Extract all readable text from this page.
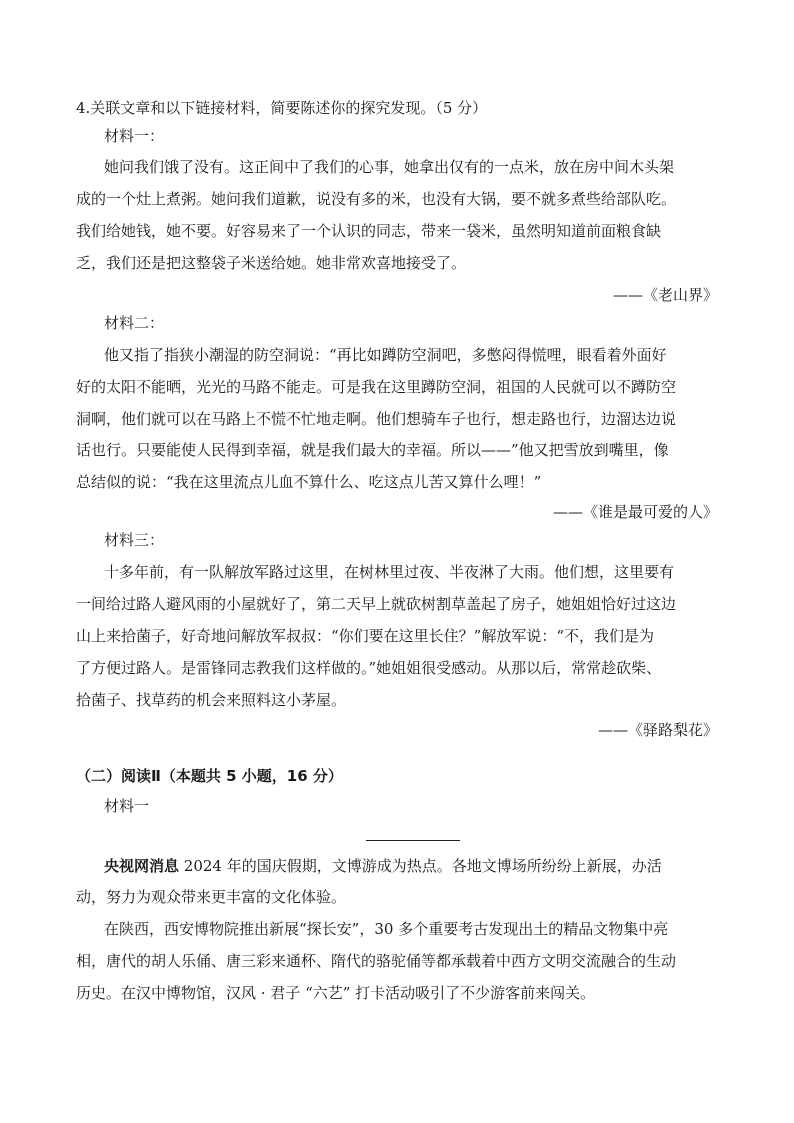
4.关联文章和以下链接材料，简要陈述你的探究发现。（5 分）
材料一：
她问我们饿了没有。这正间中了我们的心事，她拿出仅有的一点米，放在房中间木头架
成的一个灶上煮粥。她问我们道歉，说没有多的米，也没有大锅，要不就多煮些给部队吃。
我们给她钱，她不要。好容易来了一个认识的同志，带来一袋米，虽然明知道前面粮食缺
乏，我们还是把这整袋子米送给她。她非常欢喜地接受了。
——《老山界》
材料二：
他又指了指狭小潮湿的防空洞说：“再比如蹲防空洞吧，多憋闷得慌哩，眼看着外面好
好的太阳不能晒，光光的马路不能走。可是我在这里蹲防空洞，祖国的人民就可以不蹲防空
洞啊，他们就可以在马路上不慌不忙地走啊。他们想骑车子也行，想走路也行，边溜达边说
话也行。只要能使人民得到幸福，就是我们最大的幸福。所以——”他又把雪放到嘴里，像
总结似的说：“我在这里流点儿血不算什么、吃这点儿苦又算什么哩！”
——《谁是最可爱的人》
材料三：
十多年前，有一队解放军路过这里，在树林里过夜、半夜淋了大雨。他们想，这里要有
一间给过路人避风雨的小屋就好了，第二天早上就砍树割草盖起了房子，她姐姐恰好过这边
山上来拾菌子，好奇地问解放军叔叔：“你们要在这里长住？”解放军说：“不，我们是为
了方便过路人。是雷锋同志教我们这样做的。”她姐姐很受感动。从那以后，常常趁砍柴、
拾菌子、找草药的机会来照料这小茅屋。
——《驿路梨花》
（二）阅读Ⅱ（本题共 5 小题，16 分）
材料一
央视网消息 2024 年的国庆假期，文博游成为热点。各地文博场所纷纷上新展，办活
动，努力为观众带来更丰富的文化体验。
在陕西，西安博物院推出新展“探长安”，30 多个重要考古发现出土的精品文物集中亮
相，唐代的胡人乐俑、唐三彩来通杯、隋代的骆驼俑等都承载着中西方文明交流融合的生动
历史。在汉中博物馆，汉风 · 君子 “六艺” 打卡活动吸引了不少游客前来闯关。
